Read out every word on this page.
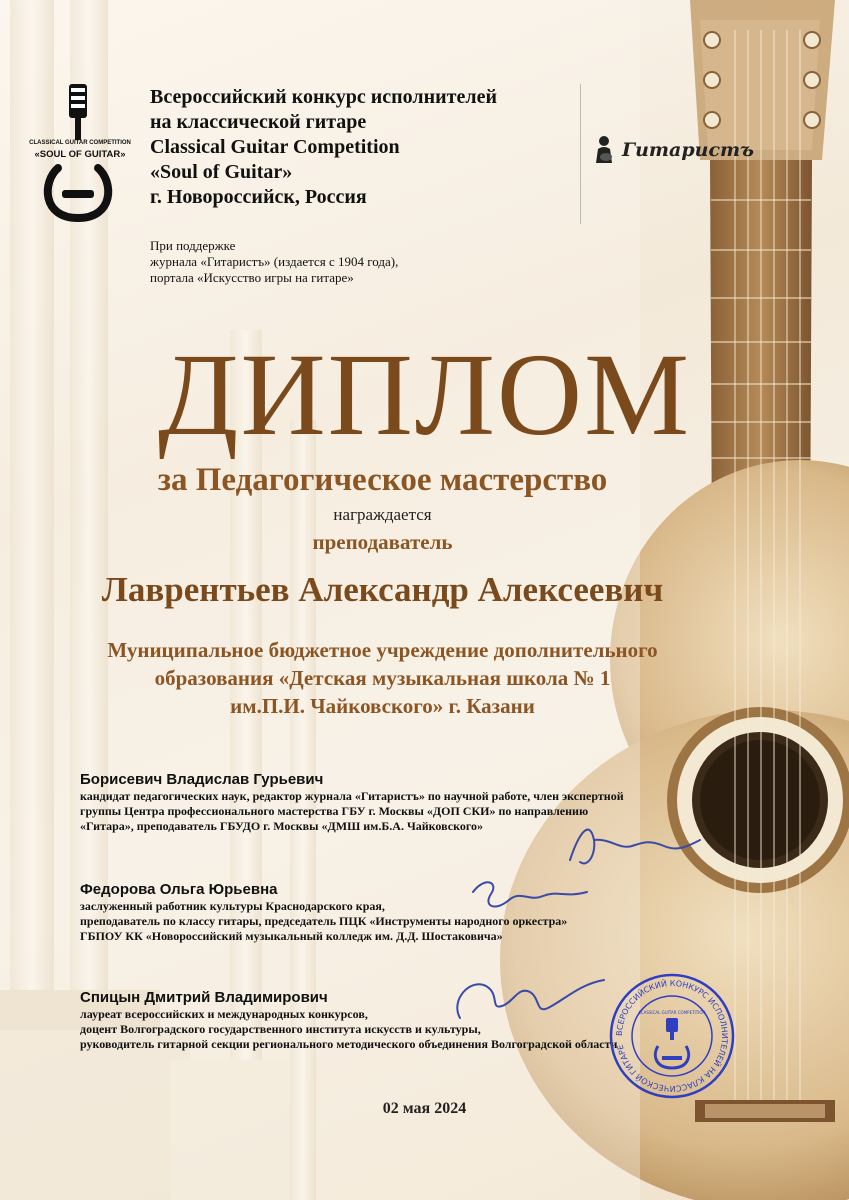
CLASSICAL GUITAR COMPETITION
«SOUL OF GUITAR»
Всероссийский конкурс исполнителей
на классической гитаре
Classical Guitar Competition
«Soul of Guitar»
г. Новороссийск, Россия
При поддержке
журнала «Гитаристъ» (издается с 1904 года),
портала «Искусство игры на гитаре»
Гитаристъ
ДИПЛОМ
за Педагогическое мастерство
награждается
преподаватель
Лаврентьев Александр Алексеевич
Муниципальное бюджетное учреждение дополнительного
образования «Детская музыкальная школа № 1
им.П.И. Чайковского» г. Казани
Борисевич Владислав Гурьевич
кандидат педагогических наук, редактор журнала «Гитаристъ» по научной работе, член экспертной
группы Центра профессионального мастерства ГБУ г. Москвы «ДОП СКИ» по направлению
«Гитара», преподаватель ГБУДО г. Москвы «ДМШ им.Б.А. Чайковского»
Федорова Ольга Юрьевна
заслуженный работник культуры Краснодарского края,
преподаватель по классу гитары, председатель ПЦК «Инструменты народного оркестра»
ГБПОУ КК «Новороссийский музыкальный колледж им. Д.Д. Шостаковича»
Спицын Дмитрий Владимирович
лауреат всероссийских и международных конкурсов,
доцент Волгоградского государственного института искусств и культуры,
руководитель гитарной секции регионального методического объединения Волгоградской области
ВСЕРОССИЙСКИЙ КОНКУРС ИСПОЛНИТЕЛЕЙ НА КЛАССИЧЕСКОЙ ГИТАРЕ
CLASSICAL GUITAR COMPETITION
02 мая 2024
